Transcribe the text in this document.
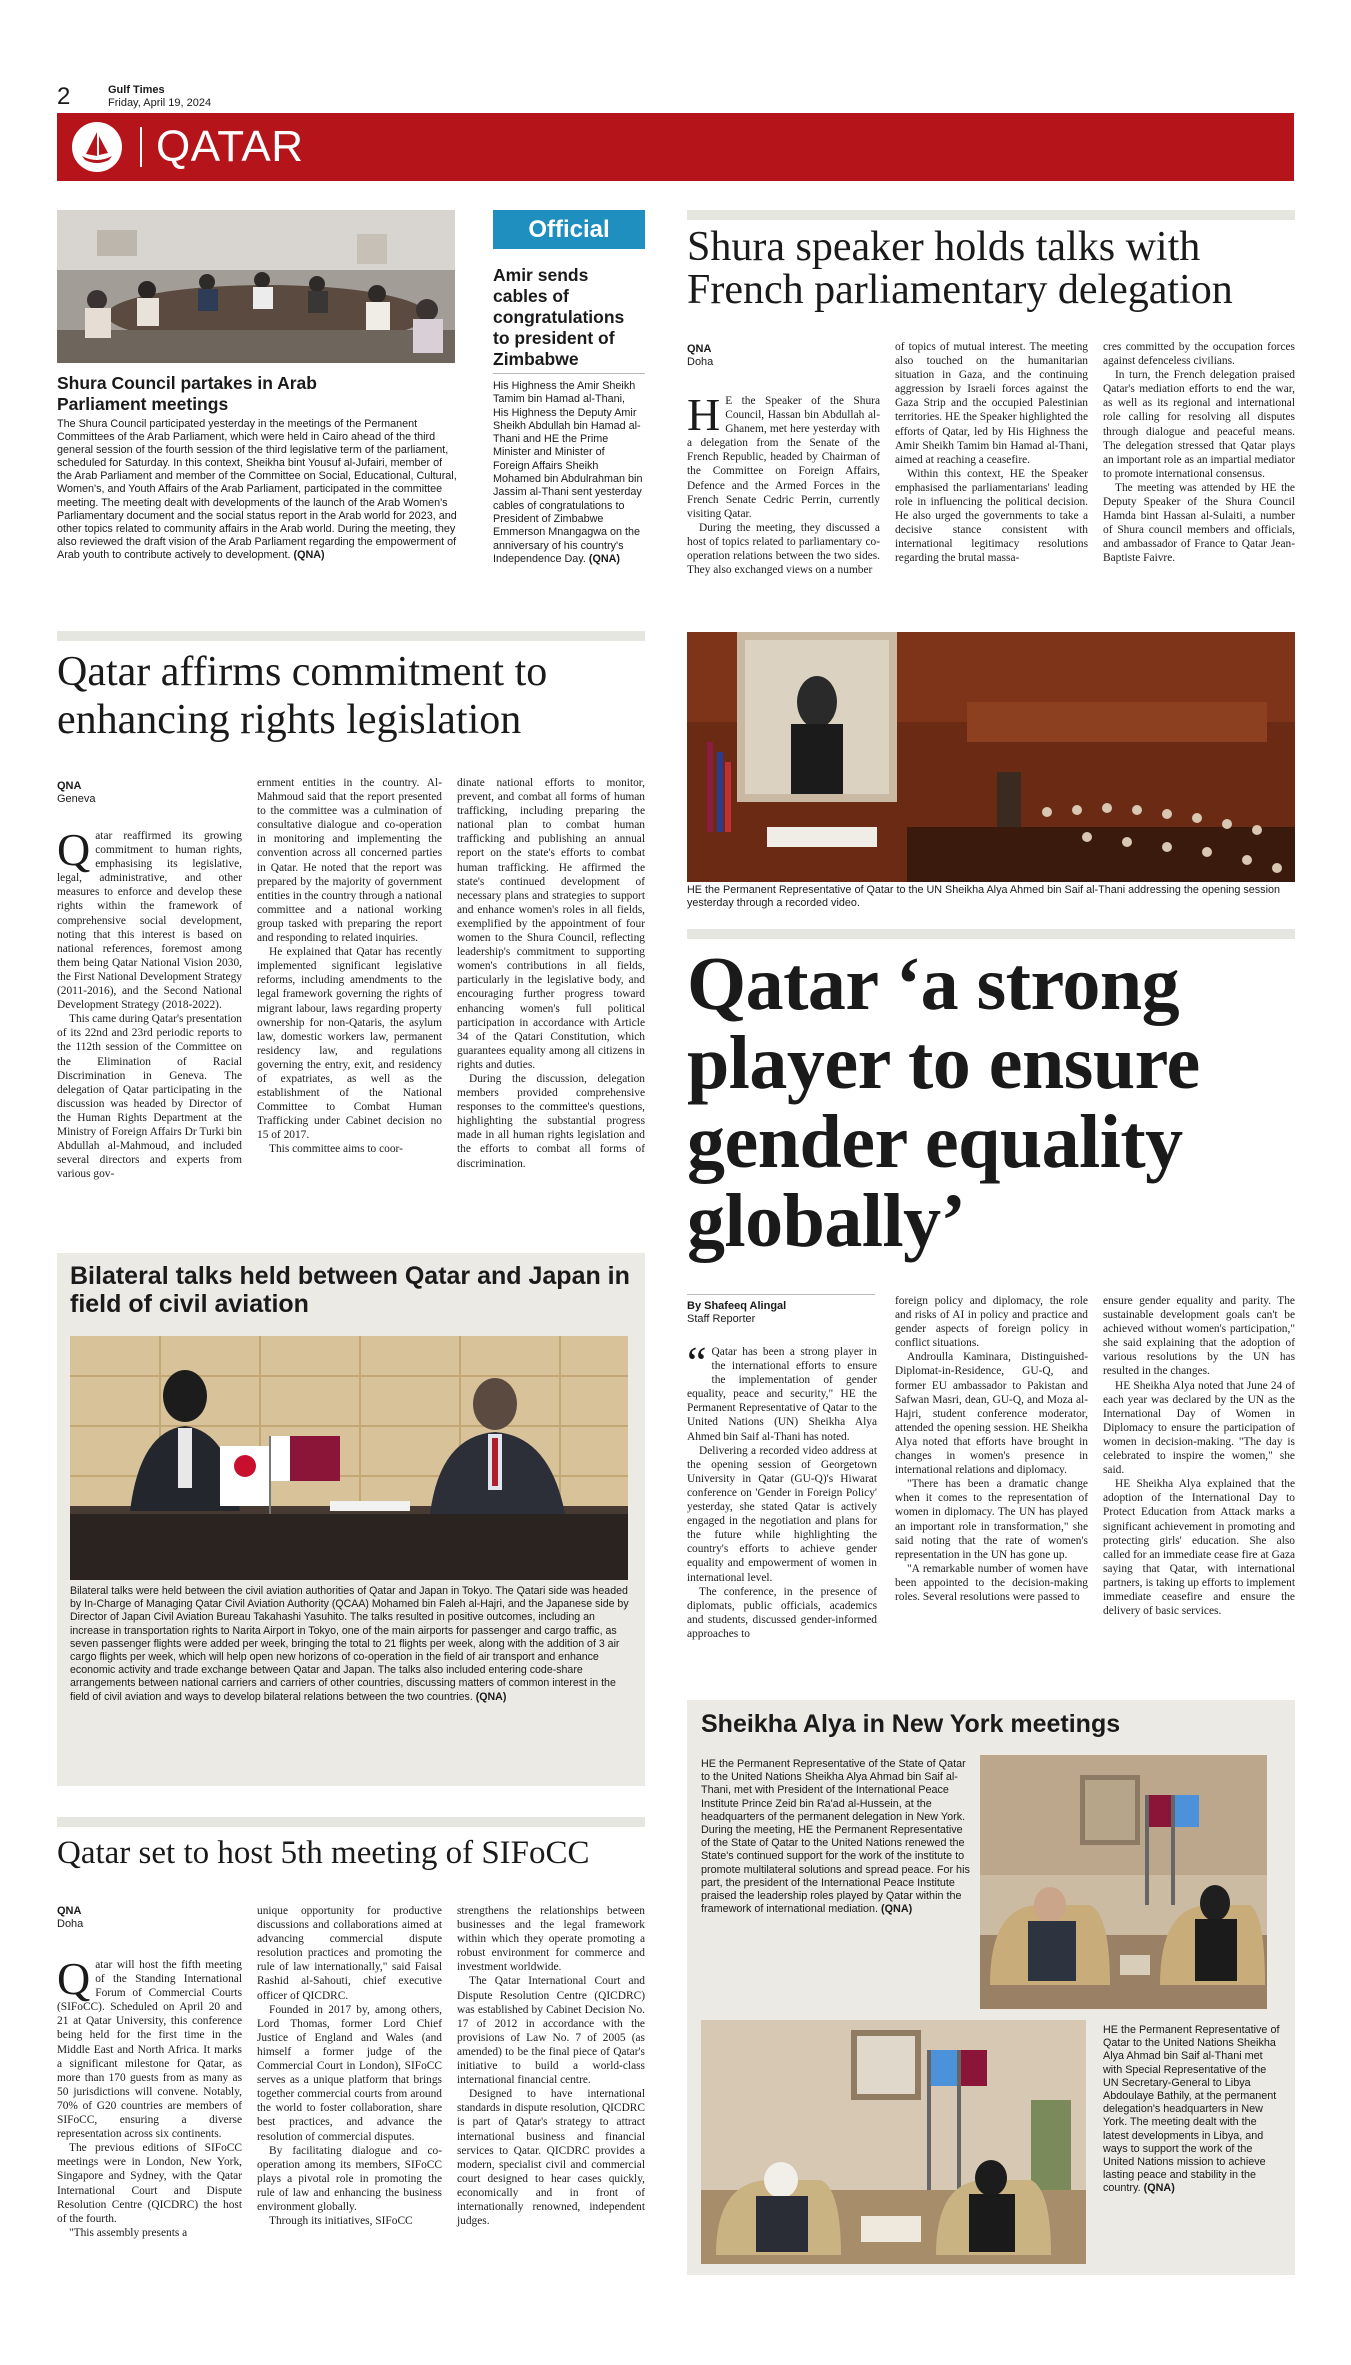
2	Gulf Times
Friday, April 19, 2024
QATAR
Shura Council partakes in Arab Parliament meetings
The Shura Council participated yesterday in the meetings of the Permanent Committees of the Arab Parliament, which were held in Cairo ahead of the third general session of the fourth session of the third legislative term of the parliament, scheduled for Saturday. In this context, Sheikha bint Yousuf al-Jufairi, member of the Arab Parliament and member of the Committee on Social, Educational, Cultural, Women's, and Youth Affairs of the Arab Parliament, participated in the committee meeting. The meeting dealt with developments of the launch of the Arab Women's Parliamentary document and the social status report in the Arab world for 2023, and other topics related to community affairs in the Arab world. During the meeting, they also reviewed the draft vision of the Arab Parliament regarding the empowerment of Arab youth to contribute actively to development. (QNA)
Official
Amir sends cables of congratulations to president of Zimbabwe
His Highness the Amir Sheikh Tamim bin Hamad al-Thani, His Highness the Deputy Amir Sheikh Abdullah bin Hamad al-Thani and HE the Prime Minister and Minister of Foreign Affairs Sheikh Mohamed bin Abdulrahman bin Jassim al-Thani sent yesterday cables of congratulations to President of Zimbabwe Emmerson Mnangagwa on the anniversary of his country's Independence Day. (QNA)
Shura speaker holds talks with French parliamentary delegation
QNA
Doha
H E the Speaker of the Shura Council, Hassan bin Abdullah al-Ghanem, met here yesterday with a delegation from the Senate of the French Republic, headed by Chairman of the Committee on Foreign Affairs, Defence and the Armed Forces in the French Senate Cedric Perrin, currently visiting Qatar.

During the meeting, they discussed a host of topics related to parliamentary co-operation relations between the two sides. They also exchanged views on a number

of topics of mutual interest. The meeting also touched on the humanitarian situation in Gaza, and the continuing aggression by Israeli forces against the Gaza Strip and the occupied Palestinian territories. HE the Speaker highlighted the efforts of Qatar, led by His Highness the Amir Sheikh Tamim bin Hamad al-Thani, aimed at reaching a ceasefire.

Within this context, HE the Speaker emphasised the parliamentarians' leading role in influencing the political decision. He also urged the governments to take a decisive stance consistent with international legitimacy resolutions regarding the brutal massa-

cres committed by the occupation forces against defenceless civilians.

In turn, the French delegation praised Qatar's mediation efforts to end the war, as well as its regional and international role calling for resolving all disputes through dialogue and peaceful means. The delegation stressed that Qatar plays an important role as an impartial mediator to promote international consensus.

The meeting was attended by HE the Deputy Speaker of the Shura Council Hamda bint Hassan al-Sulaiti, a number of Shura council members and officials, and ambassador of France to Qatar Jean-Baptiste Faivre.

HE the Permanent Representative of Qatar to the UN Sheikha Alya Ahmed bin Saif al-Thani addressing the opening session yesterday through a recorded video.
Qatar affirms commitment to enhancing rights legislation
QNA
Geneva
Q atar reaffirmed its growing commitment to human rights, emphasising its legislative, legal, administrative, and other measures to enforce and develop these rights within the framework of comprehensive social development, noting that this interest is based on national references, foremost among them being Qatar National Vision 2030, the First National Development Strategy (2011-2016), and the Second National Development Strategy (2018-2022).

This came during Qatar's presentation of its 22nd and 23rd periodic reports to the 112th session of the Committee on the Elimination of Racial Discrimination in Geneva. The delegation of Qatar participating in the discussion was headed by Director of the Human Rights Department at the Ministry of Foreign Affairs Dr Turki bin Abdullah al-Mahmoud, and included several directors and experts from various gov-

ernment entities in the country. Al-Mahmoud said that the report presented to the committee was a culmination of consultative dialogue and co-operation in monitoring and implementing the convention across all concerned parties in Qatar. He noted that the report was prepared by the majority of government entities in the country through a national committee and a national working group tasked with preparing the report and responding to related inquiries.

He explained that Qatar has recently implemented significant legislative reforms, including amendments to the legal framework governing the rights of migrant labour, laws regarding property ownership for non-Qataris, the asylum law, domestic workers law, permanent residency law, and regulations governing the entry, exit, and residency of expatriates, as well as the establishment of the National Committee to Combat Human Trafficking under Cabinet decision no 15 of 2017.

This committee aims to coor-

dinate national efforts to monitor, prevent, and combat all forms of human trafficking, including preparing the national plan to combat human trafficking and publishing an annual report on the state's efforts to combat human trafficking. He affirmed the state's continued development of necessary plans and strategies to support and enhance women's roles in all fields, exemplified by the appointment of four women to the Shura Council, reflecting leadership's commitment to supporting women's contributions in all fields, particularly in the legislative body, and encouraging further progress toward enhancing women's full political participation in accordance with Article 34 of the Qatari Constitution, which guarantees equality among all citizens in rights and duties.

During the discussion, delegation members provided comprehensive responses to the committee's questions, highlighting the substantial progress made in all human rights legislation and the efforts to combat all forms of discrimination.

Qatar ‘a strong player to ensure gender equality globally’
By Shafeeq Alingal
Staff Reporter
“ Qatar has been a strong player in the international efforts to ensure the implementation of gender equality, peace and security," HE the Permanent Representative of Qatar to the United Nations (UN) Sheikha Alya Ahmed bin Saif al-Thani has noted.

Delivering a recorded video address at the opening session of Georgetown University in Qatar (GU-Q)'s Hiwarat conference on 'Gender in Foreign Policy' yesterday, she stated Qatar is actively engaged in the negotiation and plans for the future while highlighting the country's efforts to achieve gender equality and empowerment of women in international level.

The conference, in the presence of diplomats, public officials, academics and students, discussed gender-informed approaches to

foreign policy and diplomacy, the role and risks of AI in policy and practice and gender aspects of foreign policy in conflict situations.

Androulla Kaminara, Distinguished-Diplomat-in-Residence, GU-Q, and former EU ambassador to Pakistan and Safwan Masri, dean, GU-Q, and Moza al-Hajri, student conference moderator, attended the opening session. HE Sheikha Alya noted that efforts have brought in changes in women's presence in international relations and diplomacy.

"There has been a dramatic change when it comes to the representation of women in diplomacy. The UN has played an important role in transformation," she said noting that the rate of women's representation in the UN has gone up.

"A remarkable number of women have been appointed to the decision-making roles. Several resolutions were passed to

ensure gender equality and parity. The sustainable development goals can't be achieved without women's participation," she said explaining that the adoption of various resolutions by the UN has resulted in the changes.

HE Sheikha Alya noted that June 24 of each year was declared by the UN as the International Day of Women in Diplomacy to ensure the participation of women in decision-making. "The day is celebrated to inspire the women," she said.

HE Sheikha Alya explained that the adoption of the International Day to Protect Education from Attack marks a significant achievement in promoting and protecting girls' education. She also called for an immediate cease fire at Gaza saying that Qatar, with international partners, is taking up efforts to implement immediate ceasefire and ensure the delivery of basic services.

Bilateral talks held between Qatar and Japan in field of civil aviation
Bilateral talks were held between the civil aviation authorities of Qatar and Japan in Tokyo. The Qatari side was headed by In-Charge of Managing Qatar Civil Aviation Authority (QCAA) Mohamed bin Faleh al-Hajri, and the Japanese side by Director of Japan Civil Aviation Bureau Takahashi Yasuhito. The talks resulted in positive outcomes, including an increase in transportation rights to Narita Airport in Tokyo, one of the main airports for passenger and cargo traffic, as seven passenger flights were added per week, bringing the total to 21 flights per week, along with the addition of 3 air cargo flights per week, which will help open new horizons of co-operation in the field of air transport and enhance economic activity and trade exchange between Qatar and Japan. The talks also included entering code-share arrangements between national carriers and carriers of other countries, discussing matters of common interest in the field of civil aviation and ways to develop bilateral relations between the two countries. (QNA)
Qatar set to host 5th meeting of SIFoCC
QNA
Doha
Q atar will host the fifth meeting of the Standing International Forum of Commercial Courts (SIFoCC). Scheduled on April 20 and 21 at Qatar University, this conference being held for the first time in the Middle East and North Africa. It marks a significant milestone for Qatar, as more than 170 guests from as many as 50 jurisdictions will convene. Notably, 70% of G20 countries are members of SIFoCC, ensuring a diverse representation across six continents.

The previous editions of SIFoCC meetings were in London, New York, Singapore and Sydney, with the Qatar International Court and Dispute Resolution Centre (QICDRC) the host of the fourth.

"This assembly presents a

unique opportunity for productive discussions and collaborations aimed at advancing commercial dispute resolution practices and promoting the rule of law internationally," said Faisal Rashid al-Sahouti, chief executive officer of QICDRC.

Founded in 2017 by, among others, Lord Thomas, former Lord Chief Justice of England and Wales (and himself a former judge of the Commercial Court in London), SIFoCC serves as a unique platform that brings together commercial courts from around the world to foster collaboration, share best practices, and advance the resolution of commercial disputes.

By facilitating dialogue and co-operation among its members, SIFoCC plays a pivotal role in promoting the rule of law and enhancing the business environment globally.

Through its initiatives, SIFoCC

strengthens the relationships between businesses and the legal framework within which they operate promoting a robust environment for commerce and investment worldwide.

The Qatar International Court and Dispute Resolution Centre (QICDRC) was established by Cabinet Decision No. 17 of 2012 in accordance with the provisions of Law No. 7 of 2005 (as amended) to be the final piece of Qatar's initiative to build a world-class international financial centre.

Designed to have international standards in dispute resolution, QICDRC is part of Qatar's strategy to attract international business and financial services to Qatar. QICDRC provides a modern, specialist civil and commercial court designed to hear cases quickly, economically and in front of internationally renowned, independent judges.

Sheikha Alya in New York meetings
HE the Permanent Representative of the State of Qatar to the United Nations Sheikha Alya Ahmad bin Saif al-Thani, met with President of the International Peace Institute Prince Zeid bin Ra'ad al-Hussein, at the headquarters of the permanent delegation in New York. During the meeting, HE the Permanent Representative of the State of Qatar to the United Nations renewed the State's continued support for the work of the institute to promote multilateral solutions and spread peace. For his part, the president of the International Peace Institute praised the leadership roles played by Qatar within the framework of international mediation. (QNA)
HE the Permanent Representative of Qatar to the United Nations Sheikha Alya Ahmad bin Saif al-Thani met with Special Representative of the UN Secretary-General to Libya Abdoulaye Bathily, at the permanent delegation's headquarters in New York. The meeting dealt with the latest developments in Libya, and ways to support the work of the United Nations mission to achieve lasting peace and stability in the country. (QNA)
